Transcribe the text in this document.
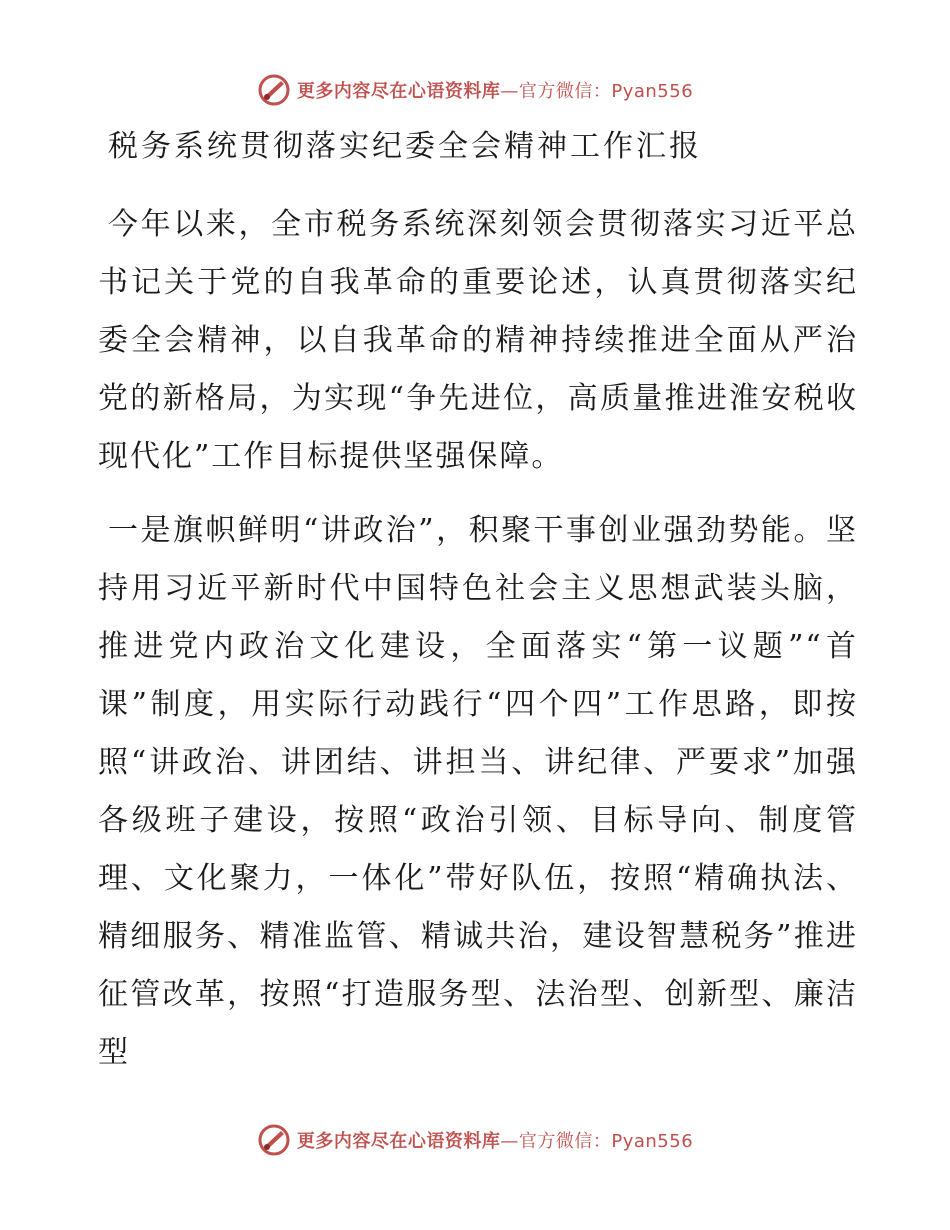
更多内容尽在心语资料库—官方微信：Pyan556
税务系统贯彻落实纪委全会精神工作汇报

今年以来，全市税务系统深刻领会贯彻落实习近平总书记关于党的自我革命的重要论述，认真贯彻落实纪委全会精神，以自我革命的精神持续推进全面从严治党的新格局，为实现“争先进位，高质量推进淮安税收现代化”工作目标提供坚强保障。

一是旗帜鲜明“讲政治”，积聚干事创业强劲势能。坚持用习近平新时代中国特色社会主义思想武装头脑，推进党内政治文化建设，全面落实“第一议题”“首课”制度，用实际行动践行“四个四”工作思路，即按照“讲政治、讲团结、讲担当、讲纪律、严要求”加强各级班子建设，按照“政治引领、目标导向、制度管理、文化聚力，一体化”带好队伍，按照“精确执法、精细服务、精准监管、精诚共治，建设智慧税务”推进征管改革，按照“打造服务型、法治型、创新型、廉洁型

更多内容尽在心语资料库—官方微信：Pyan556
